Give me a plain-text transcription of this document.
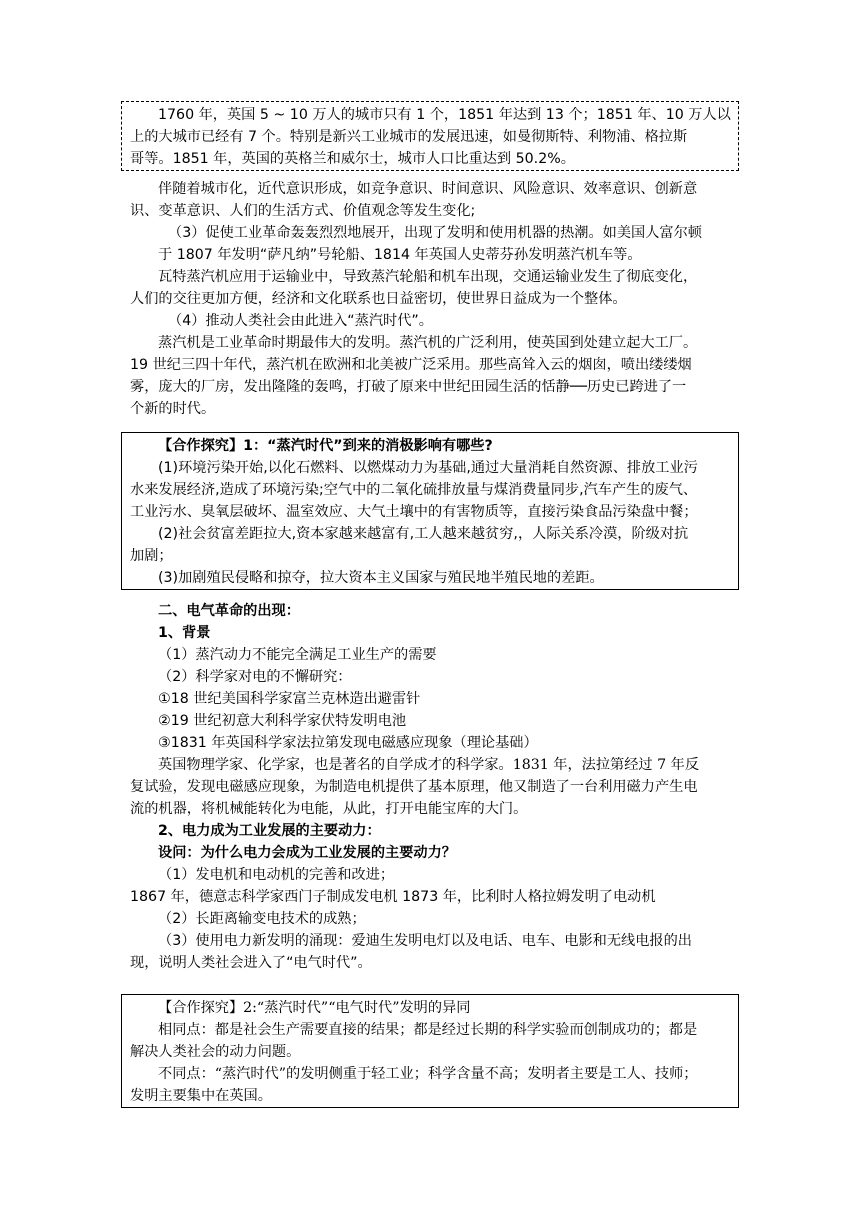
1760 年，英国 5 ~ 10 万人的城市只有 1 个，1851 年达到 13 个；1851 年、10 万人以
上的大城市已经有 7 个。特别是新兴工业城市的发展迅速，如曼彻斯特、利物浦、格拉斯
哥等。1851 年，英国的英格兰和威尔士，城市人口比重达到 50.2%。
伴随着城市化，近代意识形成，如竞争意识、时间意识、风险意识、效率意识、创新意
识、变革意识、人们的生活方式、价值观念等发生变化;
（3）促使工业革命轰轰烈烈地展开，出现了发明和使用机器的热潮。如美国人富尔顿
于 1807 年发明“萨凡纳”号轮船、1814 年英国人史蒂芬孙发明蒸汽机车等。
瓦特蒸汽机应用于运输业中，导致蒸汽轮船和机车出现，交通运输业发生了彻底变化，
人们的交往更加方便，经济和文化联系也日益密切，使世界日益成为一个整体。
（4）推动人类社会由此进入“蒸汽时代”。
蒸汽机是工业革命时期最伟大的发明。蒸汽机的广泛利用，使英国到处建立起大工厂。
19 世纪三四十年代，蒸汽机在欧洲和北美被广泛采用。那些高耸入云的烟囱，喷出缕缕烟
雾，庞大的厂房，发出隆隆的轰鸣，打破了原来中世纪田园生活的恬静──历史已跨进了一
个新的时代。
【合作探究】1：“蒸汽时代”到来的消极影响有哪些?
(1)环境污染开始,以化石燃料、以燃煤动力为基础,通过大量消耗自然资源、排放工业污
水来发展经济,造成了环境污染;空气中的二氧化硫排放量与煤消费量同步,汽车产生的废气、
工业污水、臭氧层破坏、温室效应、大气土壤中的有害物质等，直接污染食品污染盘中餐；
(2)社会贫富差距拉大,资本家越来越富有,工人越来越贫穷,，人际关系冷漠，阶级对抗
加剧；
(3)加剧殖民侵略和掠夺，拉大资本主义国家与殖民地半殖民地的差距。
二、电气革命的出现：
1、背景
（1）蒸汽动力不能完全满足工业生产的需要
（2）科学家对电的不懈研究：
①18 世纪美国科学家富兰克林造出避雷针
②19 世纪初意大利科学家伏特发明电池
③1831 年英国科学家法拉第发现电磁感应现象（理论基础）
英国物理学家、化学家，也是著名的自学成才的科学家。1831 年，法拉第经过 7 年反
复试验，发现电磁感应现象，为制造电机提供了基本原理，他又制造了一台利用磁力产生电
流的机器，将机械能转化为电能，从此，打开电能宝库的大门。
2、电力成为工业发展的主要动力：
设问：为什么电力会成为工业发展的主要动力？
（1）发电机和电动机的完善和改进；
1867 年，德意志科学家西门子制成发电机 1873 年，比利时人格拉姆发明了电动机
（2）长距离输变电技术的成熟；
（3）使用电力新发明的涌现：爱迪生发明电灯以及电话、电车、电影和无线电报的出
现，说明人类社会进入了“电气时代”。
【合作探究】2:“蒸汽时代”“电气时代”发明的异同
相同点：都是社会生产需要直接的结果；都是经过长期的科学实验而创制成功的；都是
解决人类社会的动力问题。
不同点：“蒸汽时代”的发明侧重于轻工业；科学含量不高；发明者主要是工人、技师；
发明主要集中在英国。
